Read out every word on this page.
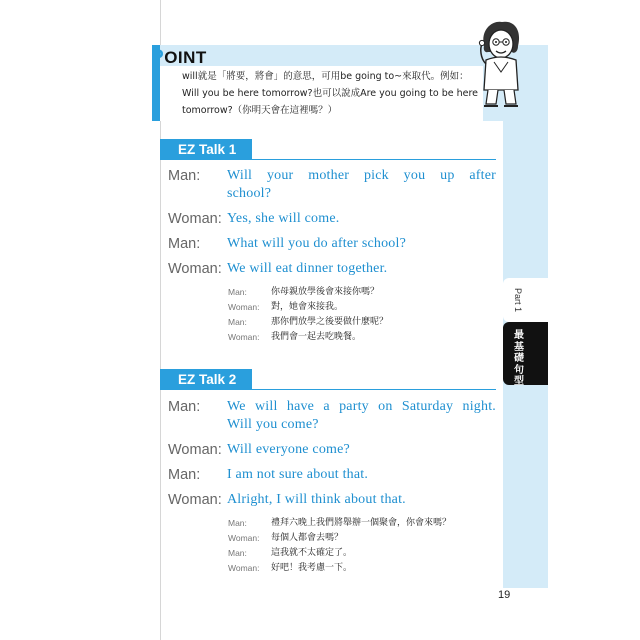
POINT
will就是「將要，將會」的意思，可用be going to~來取代。例如：Will you be here tomorrow?也可以說成Are you going to be here tomorrow?（你明天會在這裡嗎？）
Part 1
最基礎句型
EZ Talk 1
Man: Will your mother pick you up after
school?
Woman: Yes, she will come.
Man: What will you do after school?
Woman: We will eat dinner together.
Man:	你母親放學後會來接你嗎？
Woman: 對，她會來接我。
Man:	那你們放學之後要做什麼呢？
Woman: 我們會一起去吃晚餐。
EZ Talk 2
Man: We will have a party on Saturday night.
Will you come?
Woman: Will everyone come?
Man: I am not sure about that.
Woman: Alright, I will think about that.
Man:	禮拜六晚上我們將舉辦一個聚會，你會來嗎？
Woman: 每個人都會去嗎？
Man:	這我就不太確定了。
Woman: 好吧！我考慮一下。
19
